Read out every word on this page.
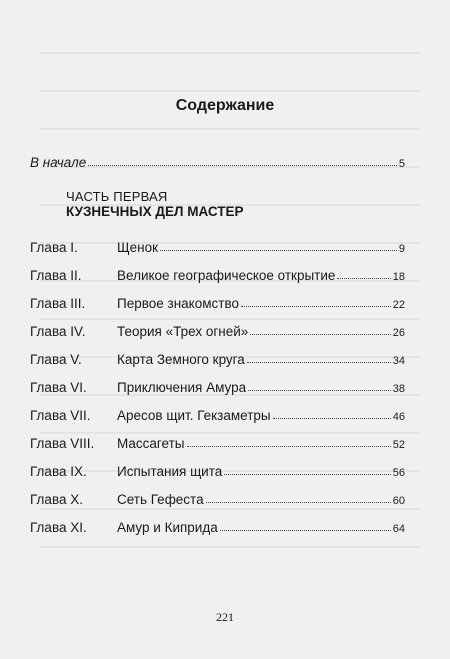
Содержание
В начале	5
ЧАСТЬ ПЕРВАЯ
КУЗНЕЧНЫХ ДЕЛ МАСТЕР
Глава I.	Щенок	9
Глава II.	Великое географическое открытие	18
Глава III.	Первое знакомство	22
Глава IV.	Теория «Трех огней»	26
Глава V.	Карта Земного круга	34
Глава VI.	Приключения Амура	38
Глава VII.	Аресов щит. Гекзаметры	46
Глава VIII.	Массагеты	52
Глава IX.	Испытания щита	56
Глава X.	Сеть Гефеста	60
Глава XI.	Амур и Киприда	64
221
